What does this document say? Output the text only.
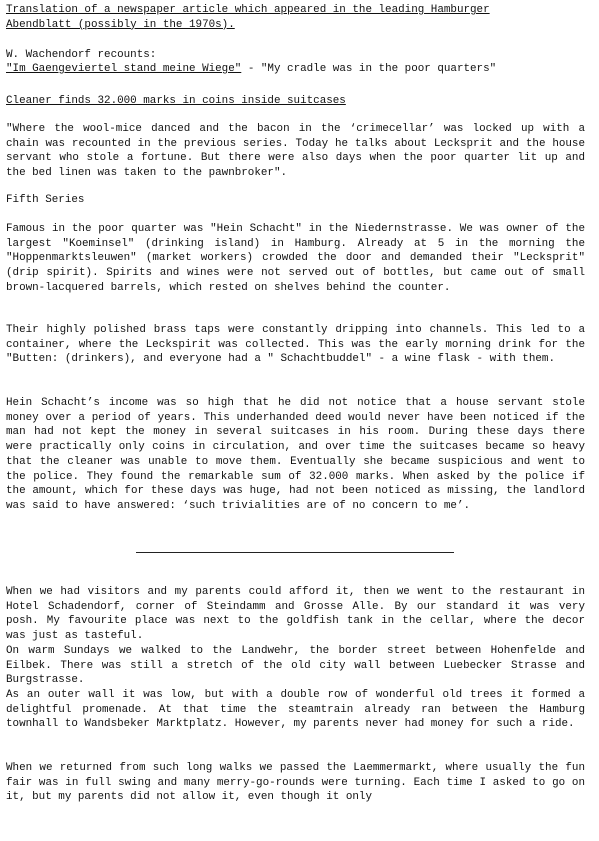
Translation of a newspaper article which appeared in the leading Hamburger

Abendblatt (possibly in the 1970s).

W. Wachendorf recounts:

"Im Gaengeviertel stand meine Wiege" - "My cradle was in the poor quarters"

Cleaner finds 32.000 marks in coins inside suitcases

"Where the wool-mice danced and the bacon in the ‘crimecellar’ was locked up with a chain was recounted in the previous series. Today he talks about Lecksprit and the house servant who stole a fortune. But there were also days when the poor quarter lit up and the bed linen was taken to the pawnbroker".

Fifth Series

Famous in the poor quarter was "Hein Schacht" in the Niedernstrasse. We was owner of the largest "Koeminsel" (drinking island) in Hamburg. Already at 5 in the morning the "Hoppenmarktsleuwen" (market workers) crowded the door and demanded their "Lecksprit" (drip spirit). Spirits and wines were not served out of bottles, but came out of small brown-lacquered barrels, which rested on shelves behind the counter.

Their highly polished brass taps were constantly dripping into channels. This led to a container, where the Leckspirit was collected. This was the early morning drink for the "Butten: (drinkers), and everyone had a " Schachtbuddel" - a wine flask - with them.

Hein Schacht’s income was so high that he did not notice that a house servant stole money over a period of years. This underhanded deed would never have been noticed if the man had not kept the money in several suitcases in his room. During these days there were practically only coins in circulation, and over time the suitcases became so heavy that the cleaner was unable to move them. Eventually she became suspicious and went to the police. They found the remarkable sum of 32.000 marks. When asked by the police if the amount, which for these days was huge, had not been noticed as missing, the landlord was said to have answered: ‘such trivialities are of no concern to me’.

When we had visitors and my parents could afford it, then we went to the restaurant in Hotel Schadendorf, corner of Steindamm and Grosse Alle. By our standard it was very posh. My favourite place was next to the goldfish tank in the cellar, where the decor was just as tasteful.

On warm Sundays we walked to the Landwehr, the border street between Hohenfelde and Eilbek. There was still a stretch of the old city wall between Luebecker Strasse and Burgstrasse.

As an outer wall it was low, but with a double row of wonderful old trees it formed a delightful promenade. At that time the steamtrain already ran between the Hamburg townhall to Wandsbeker Marktplatz. However, my parents never had money for such a ride.

When we returned from such long walks we passed the Laemmermarkt, where usually the fun fair was in full swing and many merry-go-rounds were turning. Each time I asked to go on it, but my parents did not allow it, even though it only
